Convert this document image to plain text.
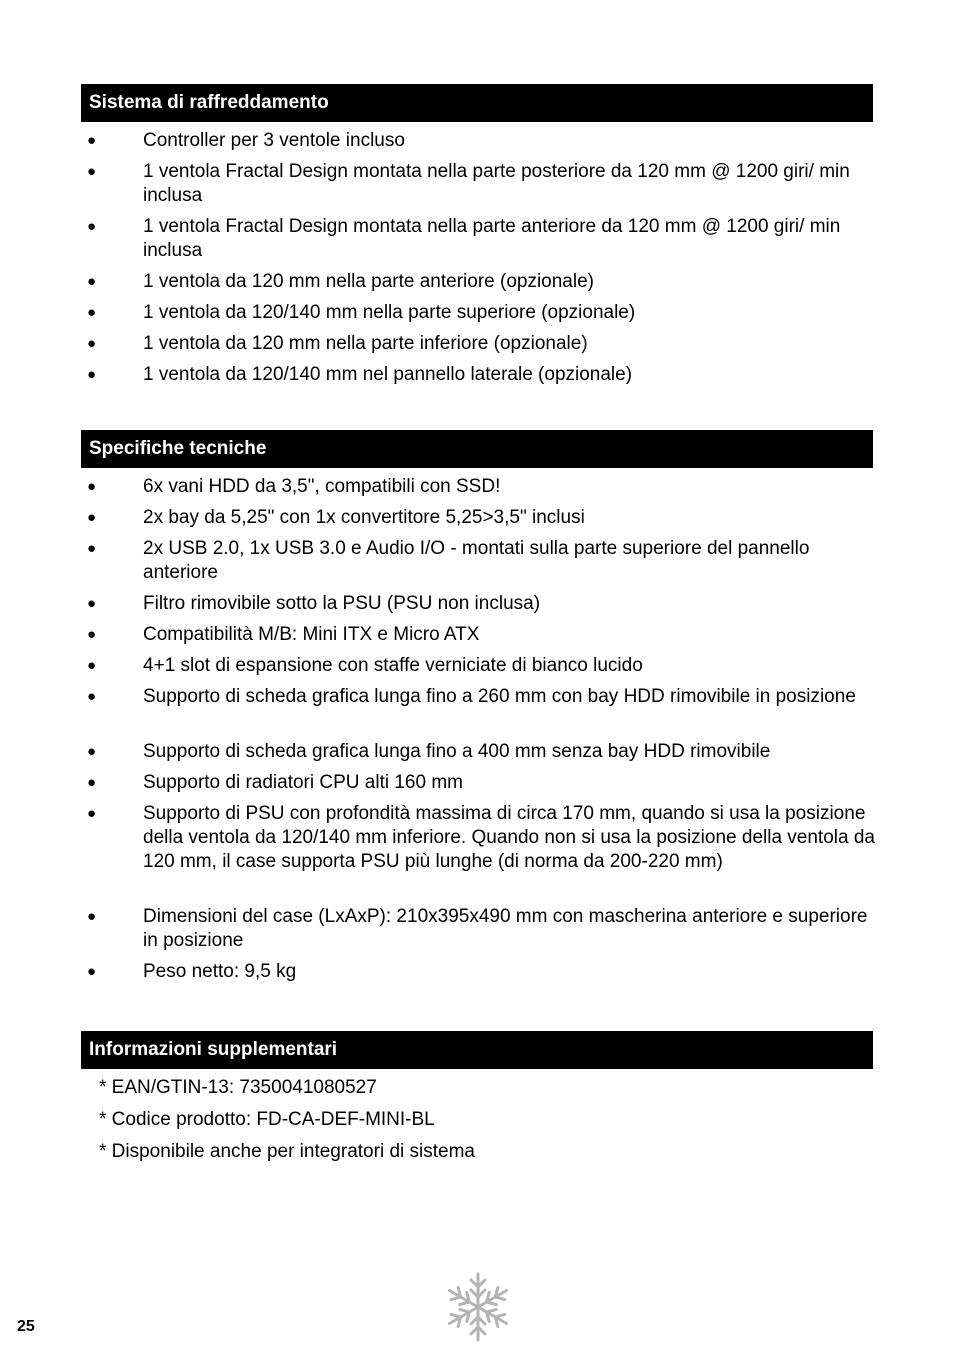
Sistema di raffreddamento
●	Controller per 3 ventole incluso
●	1 ventola Fractal Design montata nella parte posteriore da 120 mm @ 1200 giri/ min inclusa
●	1 ventola Fractal Design montata nella parte anteriore da 120 mm @ 1200 giri/ min inclusa
●	1 ventola da 120 mm nella parte anteriore (opzionale)
●	1 ventola da 120/140 mm nella parte superiore (opzionale)
●	1 ventola da 120 mm nella parte inferiore (opzionale)
●	1 ventola da 120/140 mm nel pannello laterale (opzionale)
Specifiche tecniche
●	6x vani HDD da 3,5", compatibili con SSD!
●	2x bay da 5,25" con 1x convertitore 5,25>3,5" inclusi
●	2x USB 2.0, 1x USB 3.0 e Audio I/O - montati sulla parte superiore del pannello anteriore
●	Filtro rimovibile sotto la PSU (PSU non inclusa)
●	Compatibilità M/B: Mini ITX e Micro ATX
●	4+1 slot di espansione con staffe verniciate di bianco lucido
●	Supporto di scheda grafica lunga fino a 260 mm con bay HDD rimovibile in posizione
●	Supporto di scheda grafica lunga fino a 400 mm senza bay HDD rimovibile
●	Supporto di radiatori CPU alti 160 mm
●	Supporto di PSU con profondità massima di circa 170 mm, quando si usa la posizione della ventola da 120/140 mm inferiore. Quando non si usa la posizione della ventola da 120 mm, il case supporta PSU più lunghe (di norma da 200-220 mm)
●	Dimensioni del case (LxAxP): 210x395x490 mm con mascherina anteriore e superiore in posizione
●	Peso netto: 9,5 kg
Informazioni supplementari
* EAN/GTIN-13: 7350041080527
* Codice prodotto: FD-CA-DEF-MINI-BL
* Disponibile anche per integratori di sistema
25
